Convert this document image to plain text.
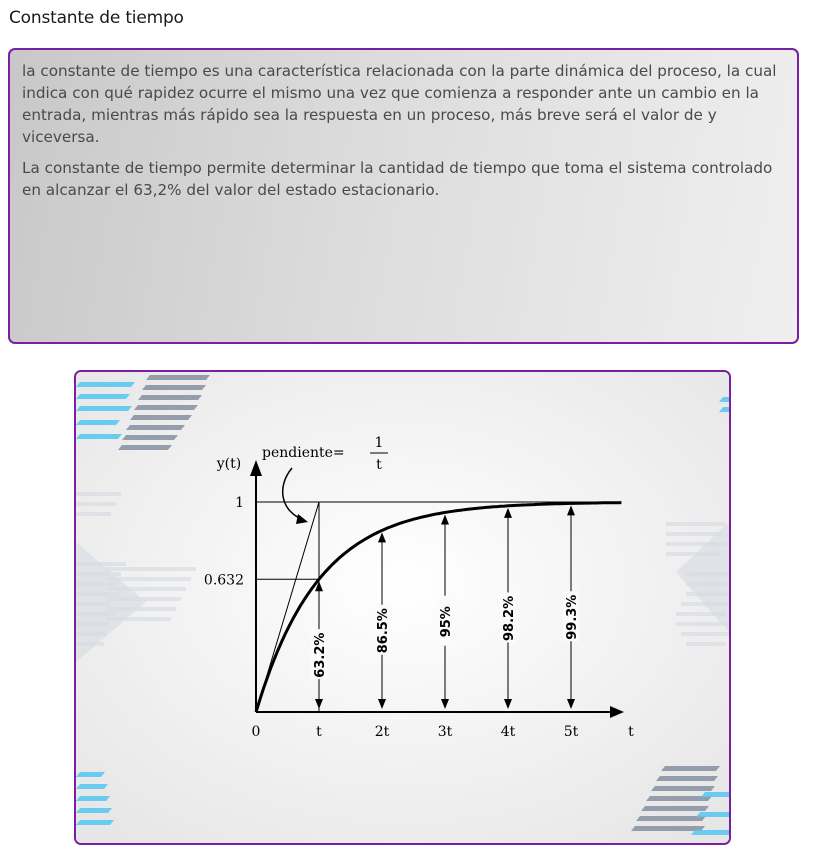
Constante de tiempo

la constante de tiempo es una característica relacionada con la parte dinámica del proceso, la cual indica con qué rapidez ocurre el mismo una vez que comienza a responder ante un cambio en la entrada, mientras más rápido sea la respuesta en un proceso, más breve será el valor de y viceversa.

La constante de tiempo permite determinar la cantidad de tiempo que toma el sistema controlado en alcanzar el 63,2% del valor del estado estacionario.

0	t	2t	3t	4t	5t	t
y(t)
1
0.632
pendiente=
1
t
63.2%
86.5%	95%	98.2%	99.3%
